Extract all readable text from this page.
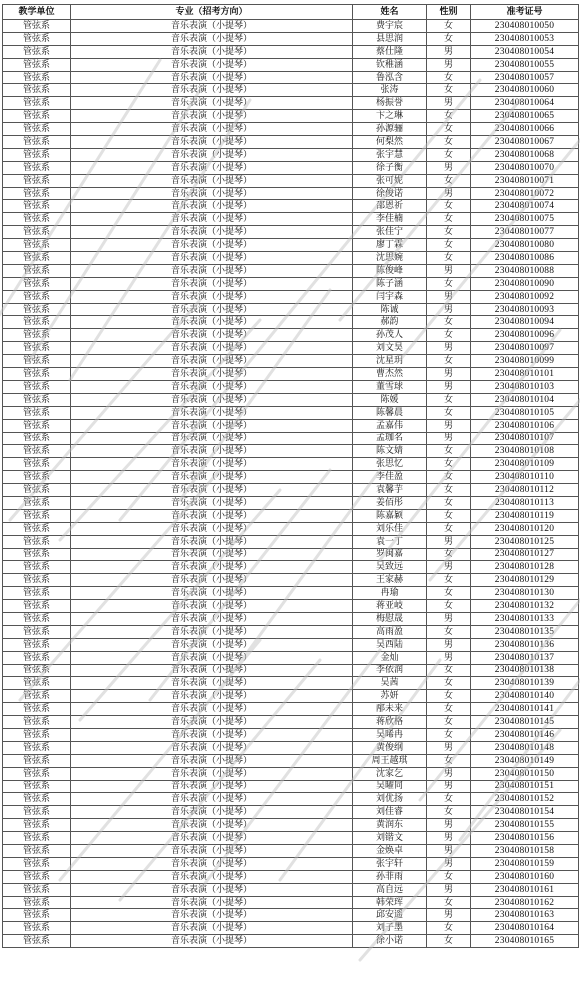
教学单位	专业（招考方向）	姓名	性别	准考证号
管弦系	音乐表演（小提琴）	费宇宸	女	230408010050
管弦系	音乐表演（小提琴）	县思润	女	230408010053
管弦系	音乐表演（小提琴）	蔡仕隆	男	230408010054
管弦系	音乐表演（小提琴）	钦稚涵	男	230408010055
管弦系	音乐表演（小提琴）	鲁泓含	女	230408010057
管弦系	音乐表演（小提琴）	张涛	女	230408010060
管弦系	音乐表演（小提琴）	杨振誉	男	230408010064
管弦系	音乐表演（小提琴）	卞之琳	女	230408010065
管弦系	音乐表演（小提琴）	孙源骊	女	230408010066
管弦系	音乐表演（小提琴）	何梨然	女	230408010067
管弦系	音乐表演（小提琴）	张宇慧	女	230408010068
管弦系	音乐表演（小提琴）	徐子衡	男	230408010070
管弦系	音乐表演（小提琴）	张可妮	女	230408010071
管弦系	音乐表演（小提琴）	徐俊诺	男	230408010072
管弦系	音乐表演（小提琴）	邵恩祈	女	230408010074
管弦系	音乐表演（小提琴）	李佳楠	女	230408010075
管弦系	音乐表演（小提琴）	张佳宁	女	230408010077
管弦系	音乐表演（小提琴）	廖丁霖	女	230408010080
管弦系	音乐表演（小提琴）	沈思婉	女	230408010086
管弦系	音乐表演（小提琴）	陈俊峰	男	230408010088
管弦系	音乐表演（小提琴）	陈子涵	女	230408010090
管弦系	音乐表演（小提琴）	闫宇森	男	230408010092
管弦系	音乐表演（小提琴）	陈诚	男	230408010093
管弦系	音乐表演（小提琴）	郝韵	女	230408010094
管弦系	音乐表演（小提琴）	孙茂人	女	230408010096
管弦系	音乐表演（小提琴）	刘文昊	男	230408010097
管弦系	音乐表演（小提琴）	沈星玥	女	230408010099
管弦系	音乐表演（小提琴）	曹杰然	男	230408010101
管弦系	音乐表演（小提琴）	董雪球	男	230408010103
管弦系	音乐表演（小提琴）	陈媛	女	230408010104
管弦系	音乐表演（小提琴）	陈馨晨	女	230408010105
管弦系	音乐表演（小提琴）	孟嘉伟	男	230408010106
管弦系	音乐表演（小提琴）	孟珈名	男	230408010107
管弦系	音乐表演（小提琴）	陈文婧	女	230408010108
管弦系	音乐表演（小提琴）	张思忆	女	230408010109
管弦系	音乐表演（小提琴）	李佳盈	女	230408010110
管弦系	音乐表演（小提琴）	袁馨芋	女	230408010112
管弦系	音乐表演（小提琴）	姜佰彤	女	230408010113
管弦系	音乐表演（小提琴）	陈嘉颖	女	230408010119
管弦系	音乐表演（小提琴）	刘乐佳	女	230408010120
管弦系	音乐表演（小提琴）	袁一丁	男	230408010125
管弦系	音乐表演（小提琴）	罗闽嘉	女	230408010127
管弦系	音乐表演（小提琴）	吴致远	男	230408010128
管弦系	音乐表演（小提琴）	王家赫	女	230408010129
管弦系	音乐表演（小提琴）	冉瑜	女	230408010130
管弦系	音乐表演（小提琴）	蒋亚岐	女	230408010132
管弦系	音乐表演（小提琴）	梅慰晟	男	230408010133
管弦系	音乐表演（小提琴）	高雨盈	女	230408010135
管弦系	音乐表演（小提琴）	吴西陆	男	230408010136
管弦系	音乐表演（小提琴）	金灿	男	230408010137
管弦系	音乐表演（小提琴）	李依润	女	230408010138
管弦系	音乐表演（小提琴）	吴茜	女	230408010139
管弦系	音乐表演（小提琴）	苏妍	女	230408010140
管弦系	音乐表演（小提琴）	邴未来	女	230408010141
管弦系	音乐表演（小提琴）	蒋欣格	女	230408010145
管弦系	音乐表演（小提琴）	吴晞冉	女	230408010146
管弦系	音乐表演（小提琴）	黄俊纲	男	230408010148
管弦系	音乐表演（小提琴）	周王越琪	女	230408010149
管弦系	音乐表演（小提琴）	沈家乞	男	230408010150
管弦系	音乐表演（小提琴）	吴曜同	男	230408010151
管弦系	音乐表演（小提琴）	刘优扬	女	230408010152
管弦系	音乐表演（小提琴）	刘佳睿	女	230408010154
管弦系	音乐表演（小提琴）	黄润东	男	230408010155
管弦系	音乐表演（小提琴）	刘锴文	男	230408010156
管弦系	音乐表演（小提琴）	金焕卓	男	230408010158
管弦系	音乐表演（小提琴）	张宇轩	男	230408010159
管弦系	音乐表演（小提琴）	孙菲雨	女	230408010160
管弦系	音乐表演（小提琴）	高自远	男	230408010161
管弦系	音乐表演（小提琴）	韩荣珲	女	230408010162
管弦系	音乐表演（小提琴）	邱安遥	男	230408010163
管弦系	音乐表演（小提琴）	刘子墨	女	230408010164
管弦系	音乐表演（小提琴）	徐小诺	女	230408010165
